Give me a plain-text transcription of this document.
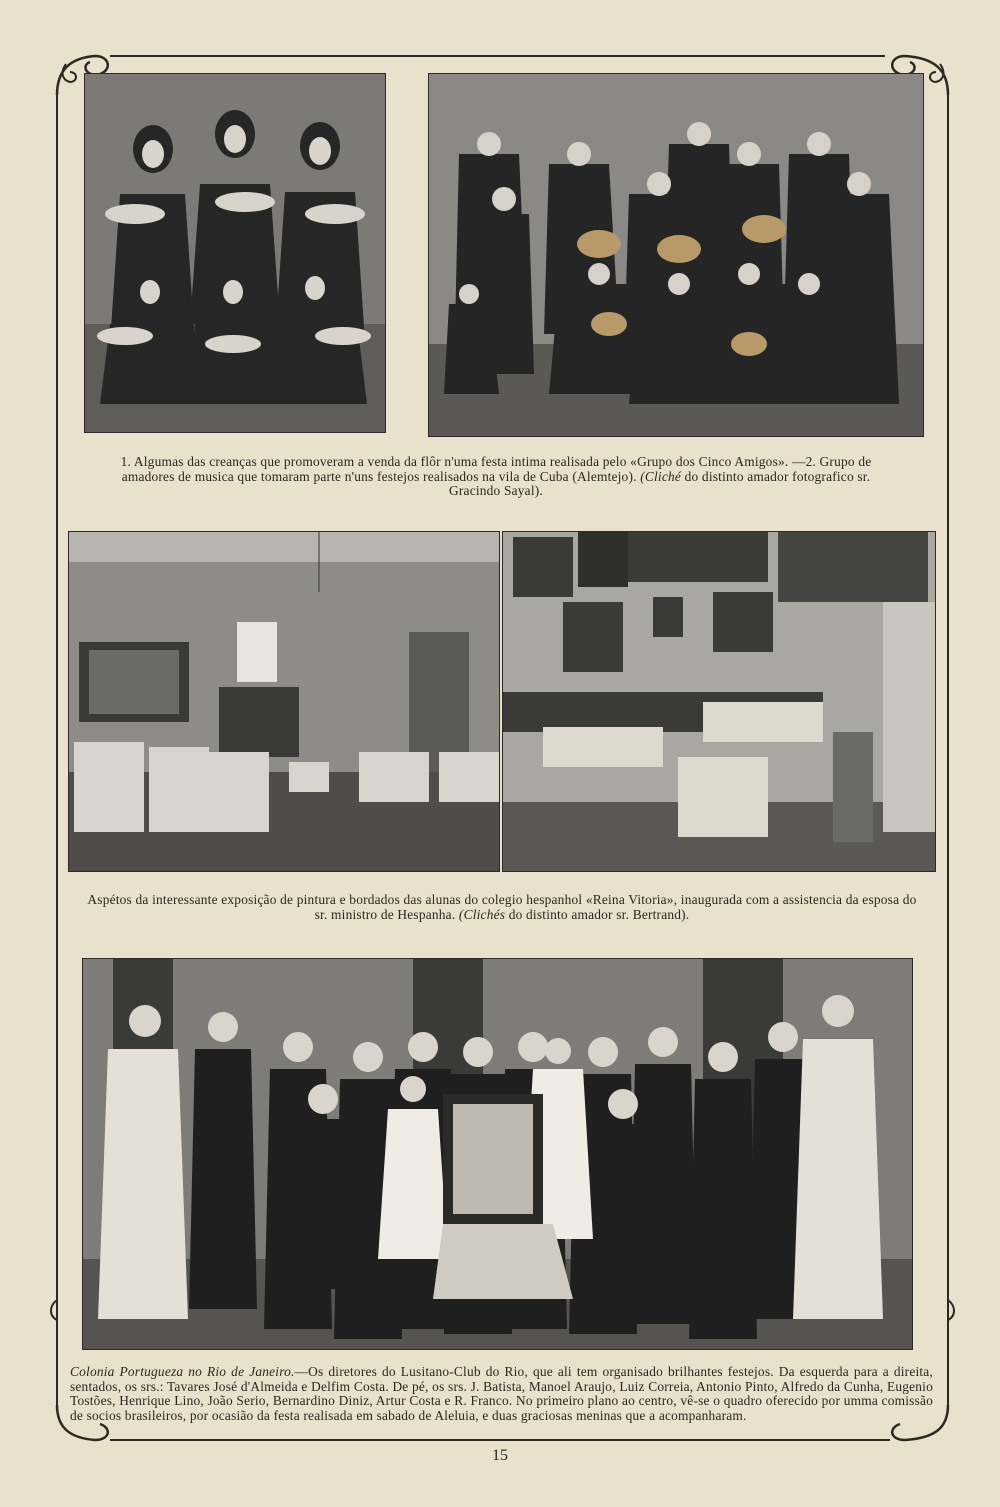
1. Algumas das creanças que promoveram a venda da flôr n'uma festa intima realisada pelo «Grupo dos Cinco Amigos». —2. Grupo de amadores de musica que tomaram parte n'uns festejos realisados na vila de Cuba (Alemtejo). (Cliché do distinto amador fotografico sr. Gracindo Sayal).
Aspétos da interessante exposição de pintura e bordados das alunas do colegio hespanhol «Reina Vitoria», inaugurada com a assistencia da esposa do sr. ministro de Hespanha. (Clichés do distinto amador sr. Bertrand).
Colonia Portugueza no Rio de Janeiro.—Os diretores do Lusitano-Club do Rio, que ali tem organisado brilhantes festejos. Da esquerda para a direita, sentados, os srs.: Tavares José d'Almeida e Delfim Costa. De pé, os srs. J. Batista, Manoel Araujo, Luiz Correia, Antonio Pinto, Alfredo da Cunha, Eugenio Tostões, Henrique Lino, João Serio, Bernardino Diniz, Artur Costa e R. Franco. No primeiro plano ao centro, vê-se o quadro oferecido por umma comissão de socios brasileiros, por ocasião da festa realisada em sabado de Aleluia, e duas graciosas meninas que a acompanharam.
15
